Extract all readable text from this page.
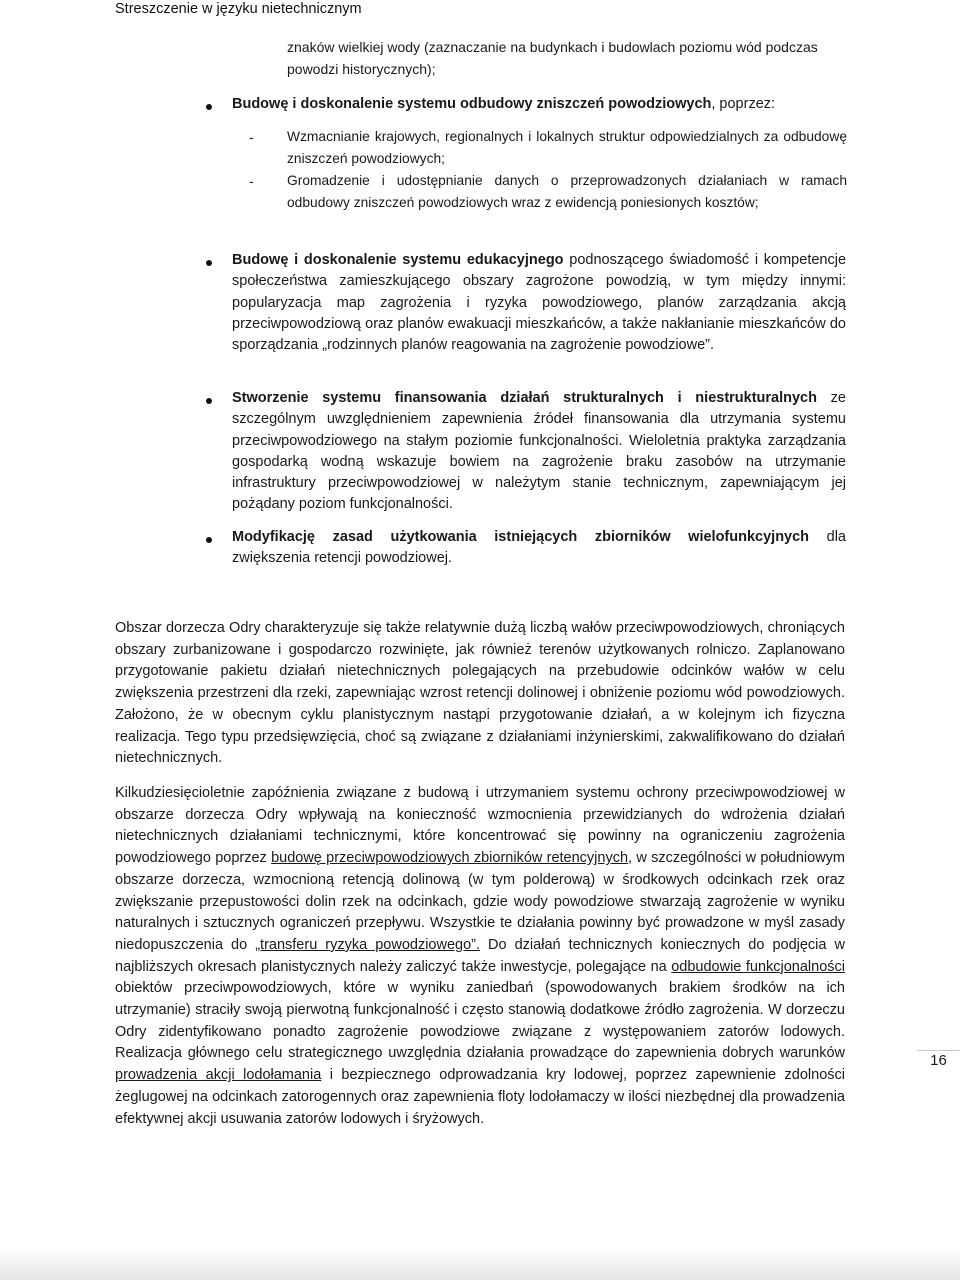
Streszczenie w języku nietechnicznym

znaków wielkiej wody (zaznaczanie na budynkach i budowlach poziomu wód podczas powodzi historycznych);

Budowę i doskonalenie systemu odbudowy zniszczeń powodziowych, poprzez:

- Wzmacnianie krajowych, regionalnych i lokalnych struktur odpowiedzialnych za odbudowę zniszczeń powodziowych;

- Gromadzenie i udostępnianie danych o przeprowadzonych działaniach w ramach odbudowy zniszczeń powodziowych wraz z ewidencją poniesionych kosztów;

Budowę i doskonalenie systemu edukacyjnego podnoszącego świadomość i kompetencje społeczeństwa zamieszkującego obszary zagrożone powodzią, w tym między innymi: popularyzacja map zagrożenia i ryzyka powodziowego, planów zarządzania akcją przeciwpowodziową oraz planów ewakuacji mieszkańców, a także nakłanianie mieszkańców do sporządzania „rodzinnych planów reagowania na zagrożenie powodziowe”.

Stworzenie systemu finansowania działań strukturalnych i niestrukturalnych ze szczególnym uwzględnieniem zapewnienia źródeł finansowania dla utrzymania systemu przeciwpowodziowego na stałym poziomie funkcjonalności. Wieloletnia praktyka zarządzania gospodarką wodną wskazuje bowiem na zagrożenie braku zasobów na utrzymanie infrastruktury przeciwpowodziowej w należytym stanie technicznym, zapewniającym jej pożądany poziom funkcjonalności.

Modyfikację zasad użytkowania istniejących zbiorników wielofunkcyjnych dla zwiększenia retencji powodziowej.

Obszar dorzecza Odry charakteryzuje się także relatywnie dużą liczbą wałów przeciwpowodziowych, chroniących obszary zurbanizowane i gospodarczo rozwinięte, jak również terenów użytkowanych rolniczo. Zaplanowano przygotowanie pakietu działań nietechnicznych polegających na przebudowie odcinków wałów w celu zwiększenia przestrzeni dla rzeki, zapewniając wzrost retencji dolinowej i obniżenie poziomu wód powodziowych. Założono, że w obecnym cyklu planistycznym nastąpi przygotowanie działań, a w kolejnym ich fizyczna realizacja. Tego typu przedsięwzięcia, choć są związane z działaniami inżynierskimi, zakwalifikowano do działań nietechnicznych.

Kilkudziesięcioletnie zapóźnienia związane z budową i utrzymaniem systemu ochrony przeciwpowodziowej w obszarze dorzecza Odry wpływają na konieczność wzmocnienia przewidzianych do wdrożenia działań nietechnicznych działaniami technicznymi, które koncentrować się powinny na ograniczeniu zagrożenia powodziowego poprzez budowę przeciwpowodziowych zbiorników retencyjnych, w szczególności w południowym obszarze dorzecza, wzmocnioną retencją dolinową (w tym polderową) w środkowych odcinkach rzek oraz zwiększanie przepustowości dolin rzek na odcinkach, gdzie wody powodziowe stwarzają zagrożenie w wyniku naturalnych i sztucznych ograniczeń przepływu. Wszystkie te działania powinny być prowadzone w myśl zasady niedopuszczenia do „transferu ryzyka powodziowego”. Do działań technicznych koniecznych do podjęcia w najbliższych okresach planistycznych należy zaliczyć także inwestycje, polegające na odbudowie funkcjonalności obiektów przeciwpowodziowych, które w wyniku zaniedbań (spowodowanych brakiem środków na ich utrzymanie) straciły swoją pierwotną funkcjonalność i często stanowią dodatkowe źródło zagrożenia. W dorzeczu Odry zidentyfikowano ponadto zagrożenie powodziowe związane z występowaniem zatorów lodowych. Realizacja głównego celu strategicznego uwzględnia działania prowadzące do zapewnienia dobrych warunków prowadzenia akcji lodołamania i bezpiecznego odprowadzania kry lodowej, poprzez zapewnienie zdolności żeglugowej na odcinkach zatorogennych oraz zapewnienia floty lodołamaczy w ilości niezbędnej dla prowadzenia efektywnej akcji usuwania zatorów lodowych i śryżowych.

16
